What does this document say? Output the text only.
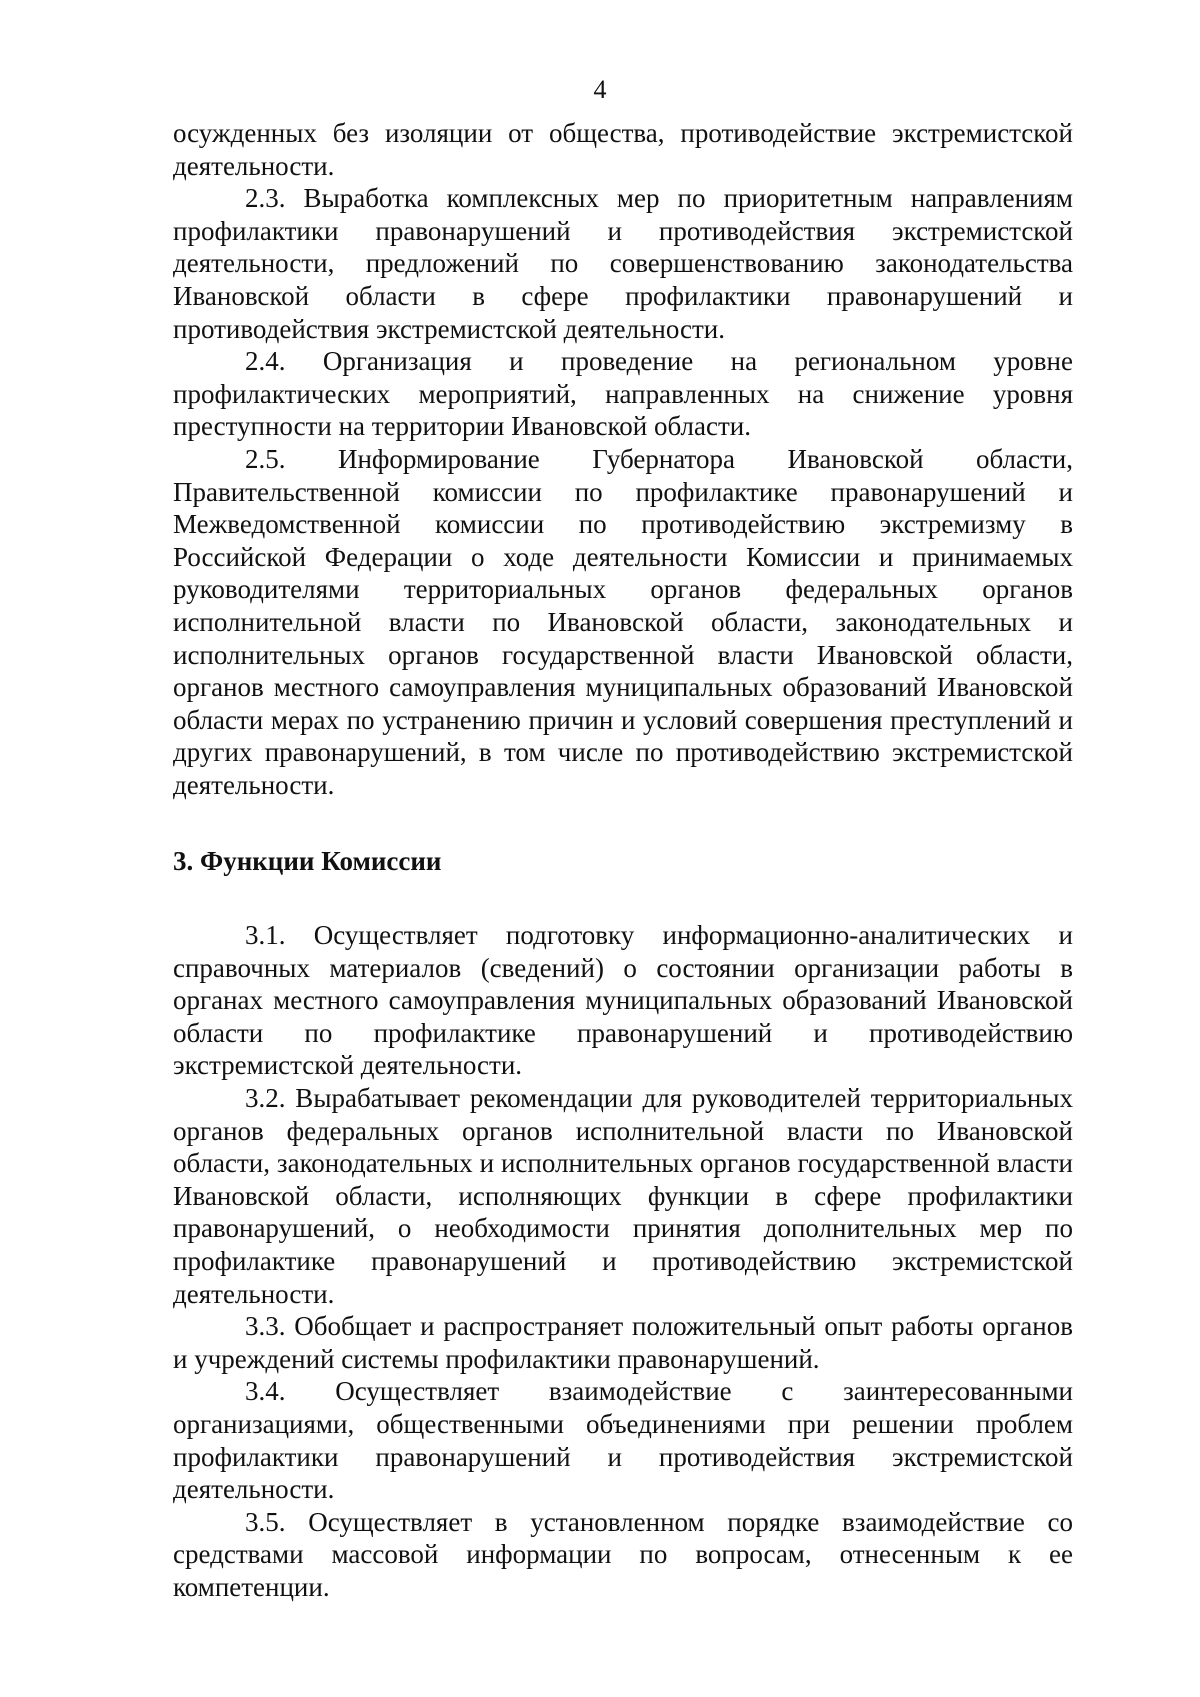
4

осужденных без изоляции от общества, противодействие экстремистской деятельности.

2.3. Выработка комплексных мер по приоритетным направлениям профилактики правонарушений и противодействия экстремистской деятельности, предложений по совершенствованию законодательства Ивановской области в сфере профилактики правонарушений и противодействия экстремистской деятельности.

2.4. Организация и проведение на региональном уровне профилактических мероприятий, направленных на снижение уровня преступности на территории Ивановской области.

2.5. Информирование Губернатора Ивановской области, Правительственной комиссии по профилактике правонарушений и Межведомственной комиссии по противодействию экстремизму в Российской Федерации о ходе деятельности Комиссии и принимаемых руководителями территориальных органов федеральных органов исполнительной власти по Ивановской области, законодательных и исполнительных органов государственной власти Ивановской области, органов местного самоуправления муниципальных образований Ивановской области мерах по устранению причин и условий совершения преступлений и других правонарушений, в том числе по противодействию экстремистской деятельности.

3. Функции Комиссии

3.1. Осуществляет подготовку информационно-аналитических и справочных материалов (сведений) о состоянии организации работы в органах местного самоуправления муниципальных образований Ивановской области по профилактике правонарушений и противодействию экстремистской деятельности.

3.2. Вырабатывает рекомендации для руководителей территориальных органов федеральных органов исполнительной власти по Ивановской области, законодательных и исполнительных органов государственной власти Ивановской области, исполняющих функции в сфере профилактики правонарушений, о необходимости принятия дополнительных мер по профилактике правонарушений и противодействию экстремистской деятельности.

3.3. Обобщает и распространяет положительный опыт работы органов и учреждений системы профилактики правонарушений.

3.4. Осуществляет взаимодействие с заинтересованными организациями, общественными объединениями при решении проблем профилактики правонарушений и противодействия экстремистской деятельности.

3.5. Осуществляет в установленном порядке взаимодействие со средствами массовой информации по вопросам, отнесенным к ее компетенции.
